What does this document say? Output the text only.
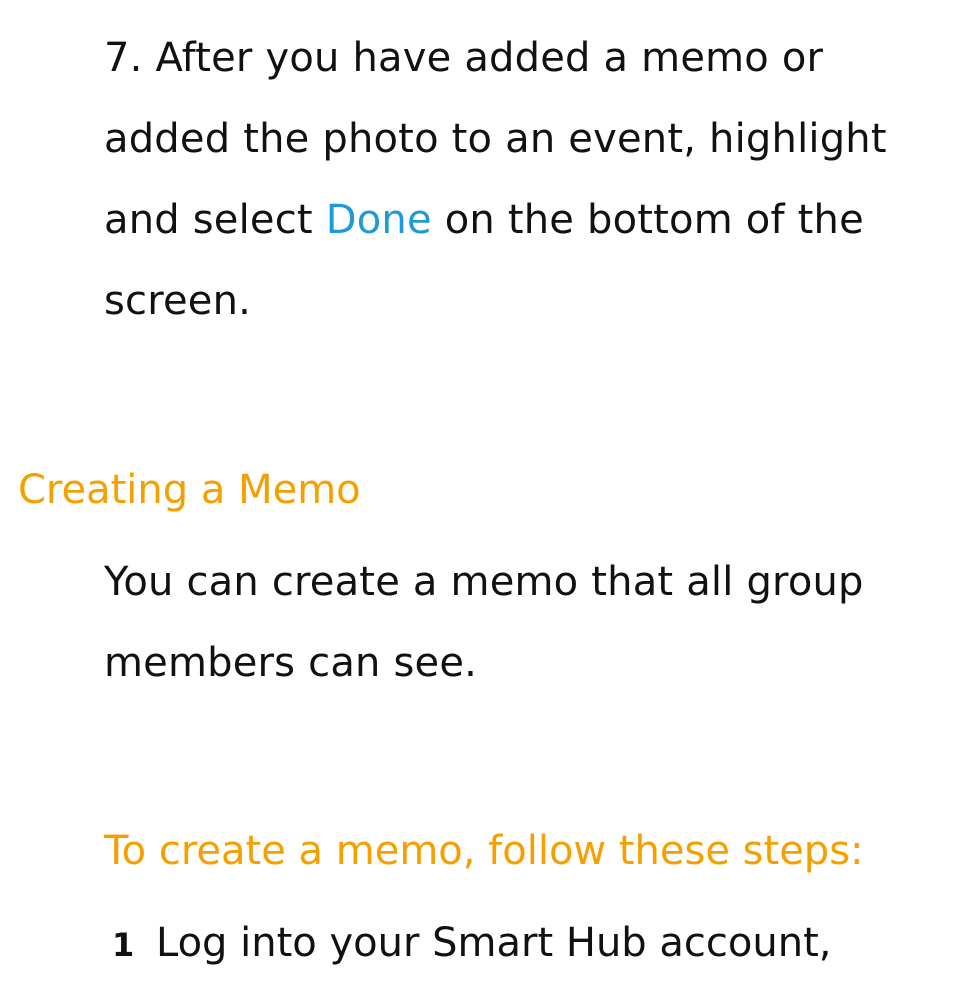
7. After you have added a memo or added the photo to an event, highlight and select Done on the bottom of the screen.

Creating a Memo

You can create a memo that all group members can see.

To create a memo, follow these steps:
1 Log into your Smart Hub account,
